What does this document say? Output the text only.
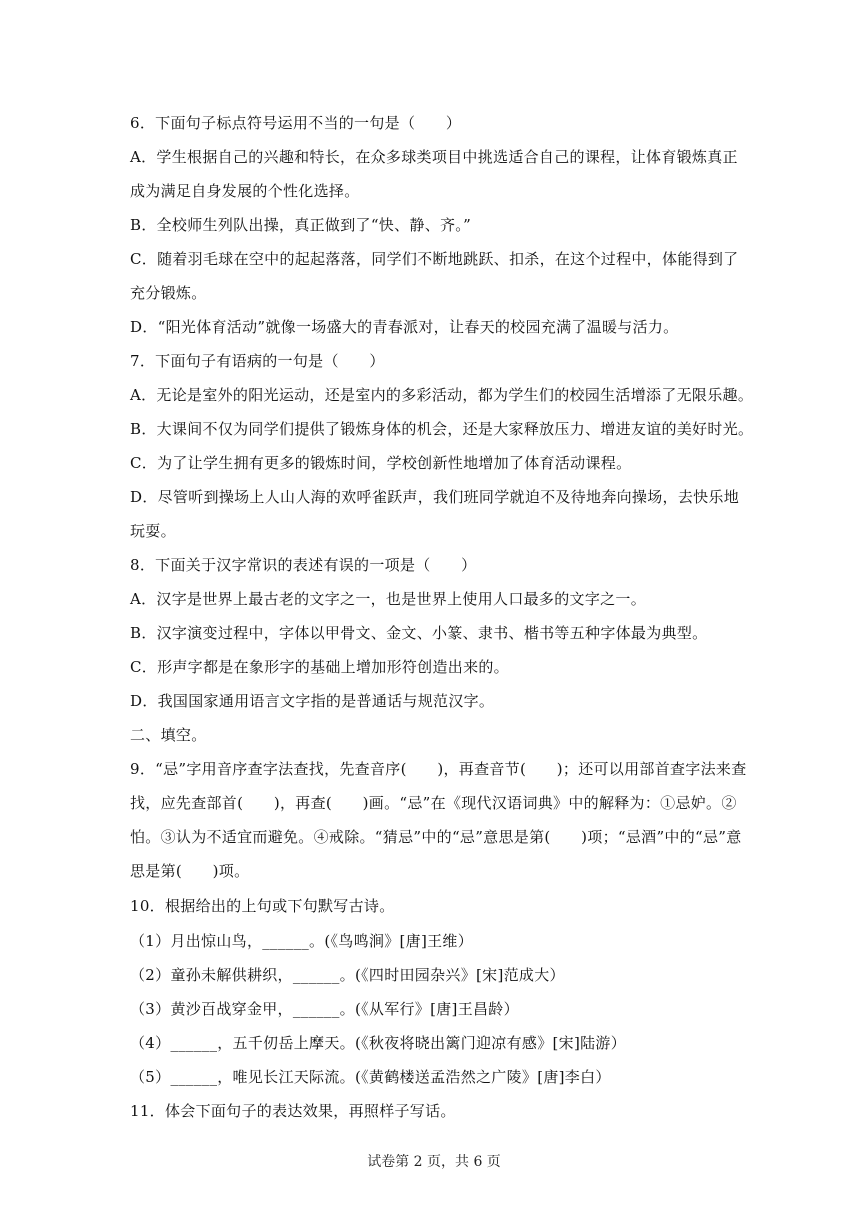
6．下面句子标点符号运用不当的一句是（　　）
A．学生根据自己的兴趣和特长，在众多球类项目中挑选适合自己的课程，让体育锻炼真正
成为满足自身发展的个性化选择。
B．全校师生列队出操，真正做到了“快、静、齐。”
C．随着羽毛球在空中的起起落落，同学们不断地跳跃、扣杀，在这个过程中，体能得到了
充分锻炼。
D．“阳光体育活动”就像一场盛大的青春派对，让春天的校园充满了温暖与活力。
7．下面句子有语病的一句是（　　）
A．无论是室外的阳光运动，还是室内的多彩活动，都为学生们的校园生活增添了无限乐趣。
B．大课间不仅为同学们提供了锻炼身体的机会，还是大家释放压力、增进友谊的美好时光。
C．为了让学生拥有更多的锻炼时间，学校创新性地增加了体育活动课程。
D．尽管听到操场上人山人海的欢呼雀跃声，我们班同学就迫不及待地奔向操场，去快乐地
玩耍。
8．下面关于汉字常识的表述有误的一项是（　　）
A．汉字是世界上最古老的文字之一，也是世界上使用人口最多的文字之一。
B．汉字演变过程中，字体以甲骨文、金文、小篆、隶书、楷书等五种字体最为典型。
C．形声字都是在象形字的基础上增加形符创造出来的。
D．我国国家通用语言文字指的是普通话与规范汉字。
二、填空。
9．“忌”字用音序查字法查找，先查音序(　　)，再查音节(　　)；还可以用部首查字法来查
找，应先查部首(　　)，再查(　　)画。“忌”在《现代汉语词典》中的解释为：①忌妒。②
怕。③认为不适宜而避免。④戒除。“猜忌”中的“忌”意思是第(　　)项；“忌酒”中的“忌”意
思是第(　　)项。
10．根据给出的上句或下句默写古诗。
（1）月出惊山鸟，______。(《鸟鸣涧》[唐]王维）
（2）童孙未解供耕织，______。(《四时田园杂兴》[宋]范成大）
（3）黄沙百战穿金甲，______。(《从军行》[唐]王昌龄）
（4）______，五千仞岳上摩天。(《秋夜将晓出篱门迎凉有感》[宋]陆游）
（5）______，唯见长江天际流。(《黄鹤楼送孟浩然之广陵》[唐]李白）
11．体会下面句子的表达效果，再照样子写话。
试卷第 2 页，共 6 页
